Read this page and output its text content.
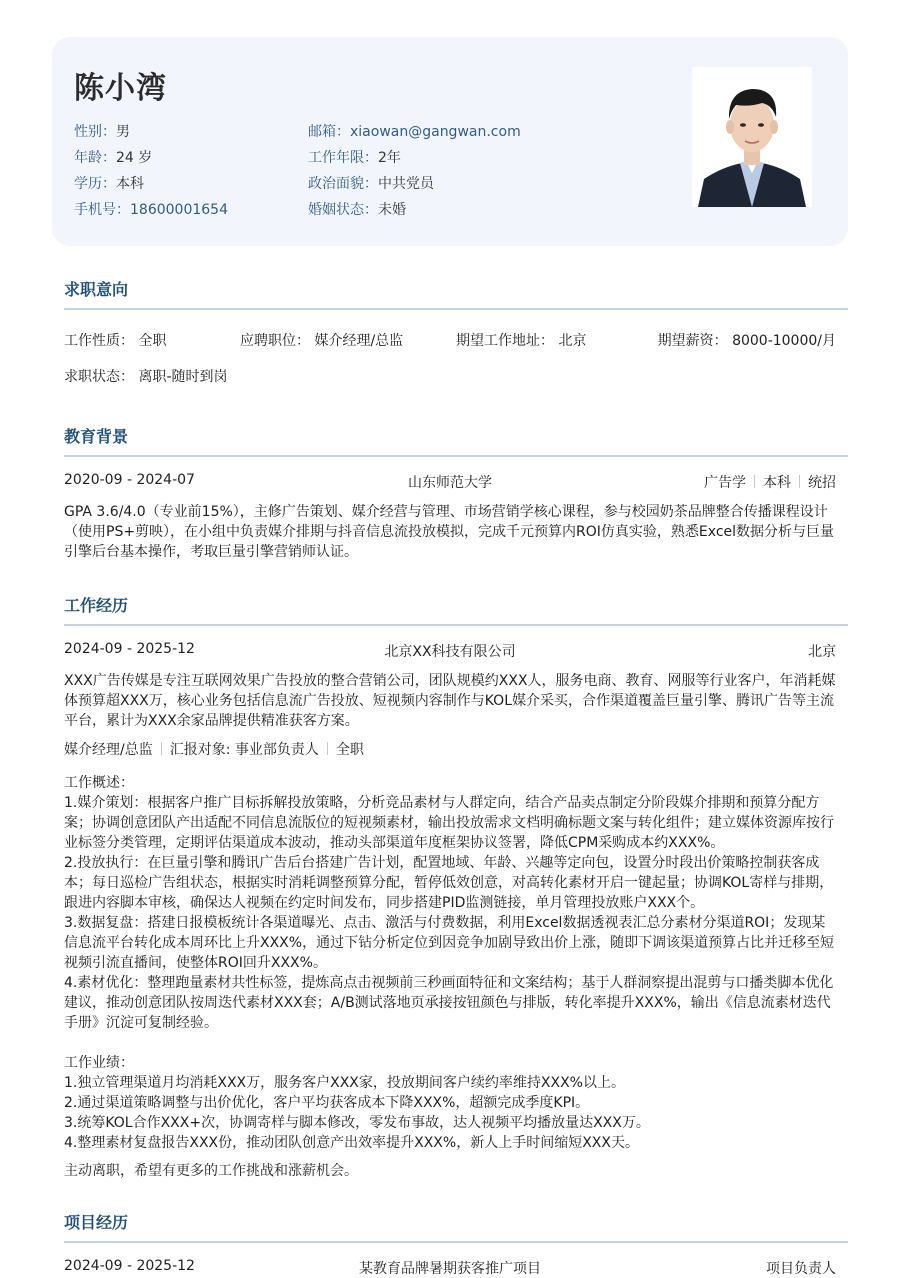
陈小湾
性别：男	邮箱：xiaowan@gangwan.com
年龄：24 岁	工作年限：2年
学历：本科	政治面貌：中共党员
手机号：18600001654	婚姻状态：未婚
求职意向
工作性质： 全职	应聘职位： 媒介经理/总监	期望工作地址： 北京	期望薪资： 8000-10000/月
求职状态： 离职-随时到岗
教育背景
2020-09 - 2024-07	山东师范大学	广告学 本科 统招
GPA 3.6/4.0（专业前15%），主修广告策划、媒介经营与管理、市场营销学核心课程，参与校园奶茶品牌整合传播课程设计（使用PS+剪映），在小组中负责媒介排期与抖音信息流投放模拟，完成千元预算内ROI仿真实验，熟悉Excel数据分析与巨量引擎后台基本操作，考取巨量引擎营销师认证。
工作经历
2024-09 - 2025-12	北京XX科技有限公司	北京
XXX广告传媒是专注互联网效果广告投放的整合营销公司，团队规模约XXX人，服务电商、教育、网服等行业客户，年消耗媒体预算超XXX万，核心业务包括信息流广告投放、短视频内容制作与KOL媒介采买，合作渠道覆盖巨量引擎、腾讯广告等主流平台，累计为XXX余家品牌提供精准获客方案。
媒介经理/总监 汇报对象: 事业部负责人 全职
工作概述：
1.媒介策划：根据客户推广目标拆解投放策略，分析竞品素材与人群定向，结合产品卖点制定分阶段媒介排期和预算分配方案；协调创意团队产出适配不同信息流版位的短视频素材，输出投放需求文档明确标题文案与转化组件；建立媒体资源库按行业标签分类管理，定期评估渠道成本波动，推动头部渠道年度框架协议签署，降低CPM采购成本约XXX%。
2.投放执行：在巨量引擎和腾讯广告后台搭建广告计划，配置地域、年龄、兴趣等定向包，设置分时段出价策略控制获客成本；每日巡检广告组状态，根据实时消耗调整预算分配，暂停低效创意，对高转化素材开启一键起量；协调KOL寄样与排期，跟进内容脚本审核，确保达人视频在约定时间发布，同步搭建PID监测链接，单月管理投放账户XXX个。
3.数据复盘：搭建日报模板统计各渠道曝光、点击、激活与付费数据，利用Excel数据透视表汇总分素材分渠道ROI；发现某信息流平台转化成本周环比上升XXX%，通过下钻分析定位到因竞争加剧导致出价上涨，随即下调该渠道预算占比并迁移至短视频引流直播间，使整体ROI回升XXX%。
4.素材优化：整理跑量素材共性标签，提炼高点击视频前三秒画面特征和文案结构；基于人群洞察提出混剪与口播类脚本优化建议，推动创意团队按周迭代素材XXX套；A/B测试落地页承接按钮颜色与排版，转化率提升XXX%，输出《信息流素材迭代手册》沉淀可复制经验。
工作业绩：
1.独立管理渠道月均消耗XXX万，服务客户XXX家，投放期间客户续约率维持XXX%以上。
2.通过渠道策略调整与出价优化，客户平均获客成本下降XXX%，超额完成季度KPI。
3.统筹KOL合作XXX+次，协调寄样与脚本修改，零发布事故，达人视频平均播放量达XXX万。
4.整理素材复盘报告XXX份，推动团队创意产出效率提升XXX%，新人上手时间缩短XXX天。
主动离职，希望有更多的工作挑战和涨薪机会。
项目经历
2024-09 - 2025-12	某教育品牌暑期获客推广项目	项目负责人
